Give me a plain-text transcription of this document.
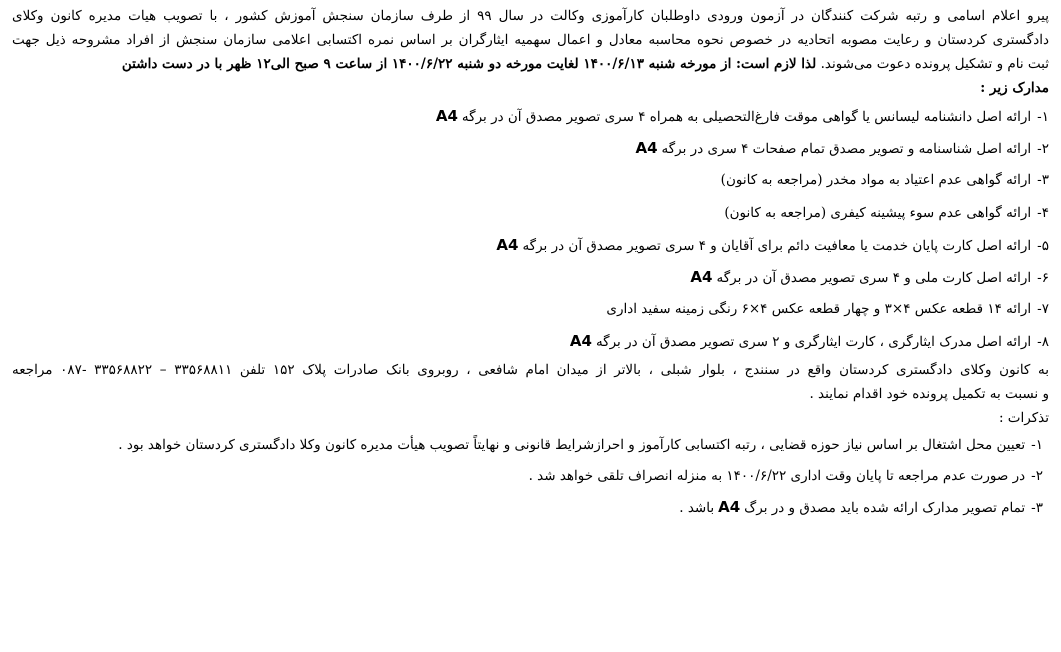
پیرو اعلام اسامی و رتبه شرکت کنندگان در آزمون ورودی داوطلبان کارآموزی وکالت در سال ۹۹ از طرف سازمان سنجش آموزش کشور ، با تصویب هیات مدیره کانون وکلای

دادگستری کردستان و رعایت مصوبه اتحادیه در خصوص نحوه محاسبه معادل و اعمال سهمیه ایثارگران بر اساس نمره اکتسابی اعلامی سازمان سنجش از افراد مشروحه ذیل جهت

ثبت نام و تشکیل پرونده دعوت می‌شوند. لذا لازم است: از مورخه شنبه ۱۴۰۰/۶/۱۳ لغایت مورخه دو شنبه ۱۴۰۰/۶/۲۲ از ساعت ۹ صبح الی۱۲ ظهر با در دست داشتن

مدارک زیر :

۱-ارائه اصل دانشنامه لیسانس یا گواهی موقت فارغ‌التحصیلی به همراه ۴ سری تصویر مصدق آن در برگهA4
۲-ارائه اصل شناسنامه و تصویر مصدق تمام صفحات ۴ سری در برگهA4
۳-ارائه گواهی عدم اعتیاد به مواد مخدر (مراجعه به کانون)
۴-ارائه گواهی عدم سوء پیشینه کیفری (مراجعه به کانون)
۵-ارائه اصل کارت پایان خدمت یا معافیت دائم برای آقایان و ۴ سری تصویر مصدق آن در برگهA4
۶-ارائه اصل کارت ملی و ۴ سری تصویر مصدق آن در برگهA4
۷-ارائه ۱۴ قطعه عکس ۴×۳ و چهار قطعه عکس ۴×۶ رنگی زمینه سفید اداری
۸-ارائه اصل مدرک ایثارگری ، کارت ایثارگری و ۲ سری تصویر مصدق آن در برگهA4

به کانون وکلای دادگستری کردستان واقع در سنندج ، بلوار شبلی ، بالاتر از میدان امام شافعی ، روبروی بانک صادرات پلاک ۱۵۲ تلفن ۳۳۵۶۸۸۱۱ – ۳۳۵۶۸۸۲۲ -۰۸۷ مراجعه

و نسبت به تکمیل پرونده خود اقدام نمایند .

تذکرات :

۱-تعیین محل اشتغال بر اساس نیاز حوزه قضایی ، رتبه اکتسابی کارآموز و احرازشرایط قانونی و نهایتاً تصویب هیأت مدیره کانون وکلا دادگستری کردستان خواهد بود .
۲-در صورت عدم مراجعه تا پایان وقت اداری ۱۴۰۰/۶/۲۲ به منزله انصراف تلقی خواهد شد .
۳-تمام تصویر مدارک ارائه شده باید مصدق و در برگA4باشد .
